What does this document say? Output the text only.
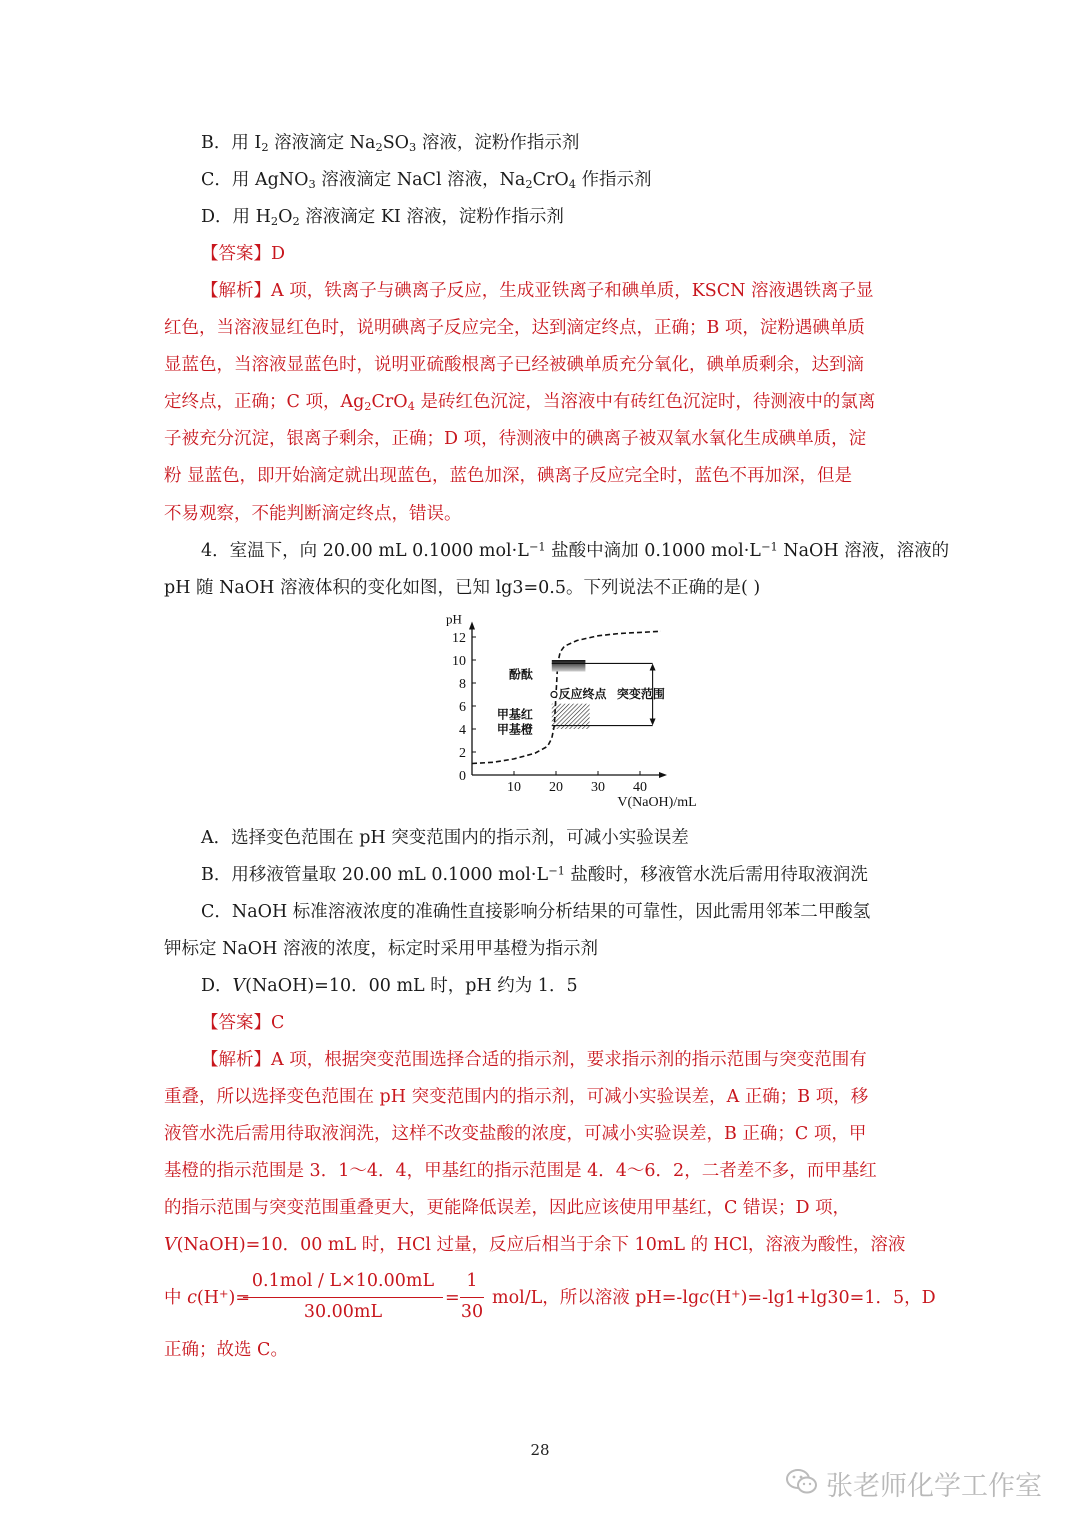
B．用 $I_2$ 溶液滴定 $Na_2SO_3$ 溶液，淀粉作指示剂
C．用 AgNO$_3$ 溶液滴定 NaCl 溶液，$Na_2CrO_4$ 作指示剂
D．用 $H_2O_2$ 溶液滴定 KI 溶液，淀粉作指示剂
【答案】D
【解析】A 项，铁离子与碘离子反应，生成亚铁离子和碘单质，KSCN 溶液遇铁离子显
红色，当溶液显红色时，说明碘离子反应完全，达到滴定终点，正确；B 项，淀粉遇碘单质
显蓝色，当溶液显蓝色时，说明亚硫酸根离子已经被碘单质充分氧化，碘单质剩余，达到滴
定终点，正确；C 项，$Ag_2CrO_4$ 是砖红色沉淀，当溶液中有砖红色沉淀时，待测液中的氯离
子被充分沉淀，银离子剩余，正确；D 项，待测液中的碘离子被双氧水氧化生成碘单质，淀
粉 显蓝色，即开始滴定就出现蓝色，蓝色加深，碘离子反应完全时，蓝色不再加深，但是
不易观察，不能判断滴定终点，错误。
4．室温下，向 20.00 mL 0.1000 $mol\cdot L^{-1}$ 盐酸中滴加 0.1000 $mol\cdot L^{-1}$ NaOH 溶液，溶液的
pH 随 NaOH 溶液体积的变化如图，已知 lg3=0.5。下列说法不正确的是( )
pH
V(NaOH)/mL
0
2
4
6
8
10
12
10 20 30 40
酚酞
反应终点 突变范围
甲基红
甲基橙
A．选择变色范围在 pH 突变范围内的指示剂，可减小实验误差
B．用移液管量取 20.00 mL 0.1000 $mol\cdot L^{-1}$ 盐酸时，移液管水洗后需用待取液润洗
C．NaOH 标准溶液浓度的准确性直接影响分析结果的可靠性，因此需用邻苯二甲酸氢
钾标定 NaOH 溶液的浓度，标定时采用甲基橙为指示剂
D．V(NaOH)=10．00 mL 时，pH 约为 1．5
【答案】C
【解析】A 项，根据突变范围选择合适的指示剂，要求指示剂的指示范围与突变范围有
重叠，所以选择变色范围在 pH 突变范围内的指示剂，可减小实验误差，A 正确；B 项，移
液管水洗后需用待取液润洗，这样不改变盐酸的浓度，可减小实验误差，B 正确；C 项，甲
基橙的指示范围是 3．1～4．4，甲基红的指示范围是 4．4～6．2，二者差不多，而甲基红
的指示范围与突变范围重叠更大，更能降低误差，因此应该使用甲基红，C 错误；D 项，
V(NaOH)=10．00 mL 时，HCl 过量，反应后相当于余下 10mL 的 HCl，溶液为酸性，溶液
中 c(H+)=
0.1​mol / L×10.00​mL
30.00​mL
=
1
30
mol/L，所以溶液 pH=-lgc(H+)=-lg1+lg30=1．5，D
正确；故选 C。
28
张老师化学工作室
